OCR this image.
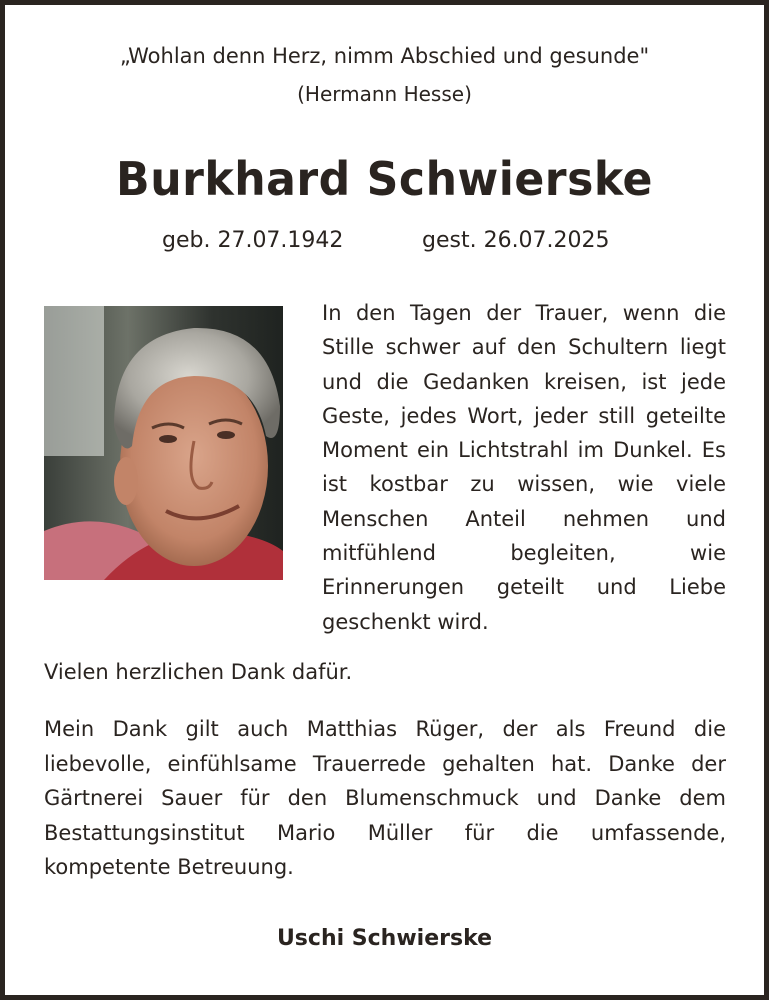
„Wohlan denn Herz, nimm Abschied und gesunde"
(Hermann Hesse)
Burkhard Schwierske
geb. 27.07.1942	gest. 26.07.2025
In den Tagen der Trauer, wenn die Stille schwer auf den Schultern liegt und die Gedanken kreisen, ist jede Geste, jedes Wort, jeder still geteilte Moment ein Lichtstrahl im Dunkel. Es ist kostbar zu wissen, wie viele Menschen Anteil nehmen und mitfühlend begleiten, wie Erinnerungen geteilt und Liebe geschenkt wird.
Vielen herzlichen Dank dafür.
Mein Dank gilt auch Matthias Rüger, der als Freund die liebevolle, einfühlsame Trauerrede gehalten hat. Danke der Gärtnerei Sauer für den Blumenschmuck und Danke dem Bestattungsinstitut Mario Müller für die umfassende, kompetente Betreuung.
Uschi Schwierske
